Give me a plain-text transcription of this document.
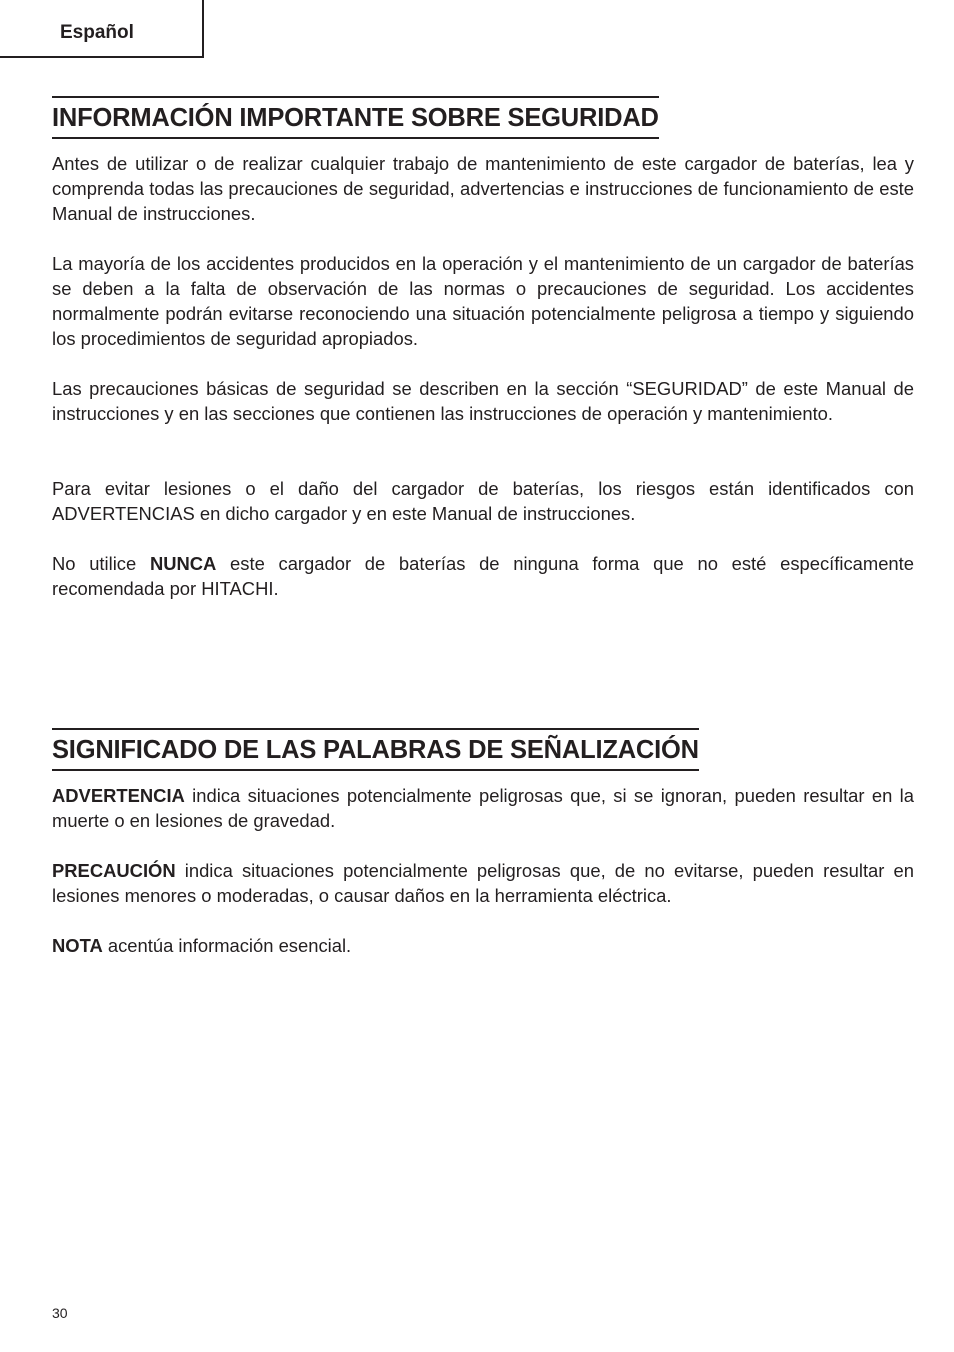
Español
INFORMACIÓN IMPORTANTE SOBRE SEGURIDAD

Antes de utilizar o de realizar cualquier trabajo de mantenimiento de este cargador de baterías, lea y comprenda todas las precauciones de seguridad, advertencias e instrucciones de funcionamiento de este Manual de instrucciones.

La mayoría de los accidentes producidos en la operación y el mantenimiento de un cargador de baterías se deben a la falta de observación de las normas o precauciones de seguridad. Los accidentes normalmente podrán evitarse reconociendo una situación potencialmente peligrosa a tiempo y siguiendo los procedimientos de seguridad apropiados.

Las precauciones básicas de seguridad se describen en la sección “SEGURIDAD” de este Manual de instrucciones y en las secciones que contienen las instrucciones de operación y mantenimiento.

Para evitar lesiones o el daño del cargador de baterías, los riesgos están identificados con ADVERTENCIAS en dicho cargador y en este Manual de instrucciones.

No utilice NUNCA este cargador de baterías de ninguna forma que no esté específicamente recomendada por HITACHI.

SIGNIFICADO DE LAS PALABRAS DE SEÑALIZACIÓN

ADVERTENCIA indica situaciones potencialmente peligrosas que, si se ignoran, pueden resultar en la muerte o en lesiones de gravedad.

PRECAUCIÓN indica situaciones potencialmente peligrosas que, de no evitarse, pueden resultar en lesiones menores o moderadas, o causar daños en la herramienta eléctrica.

NOTA acentúa información esencial.

30
